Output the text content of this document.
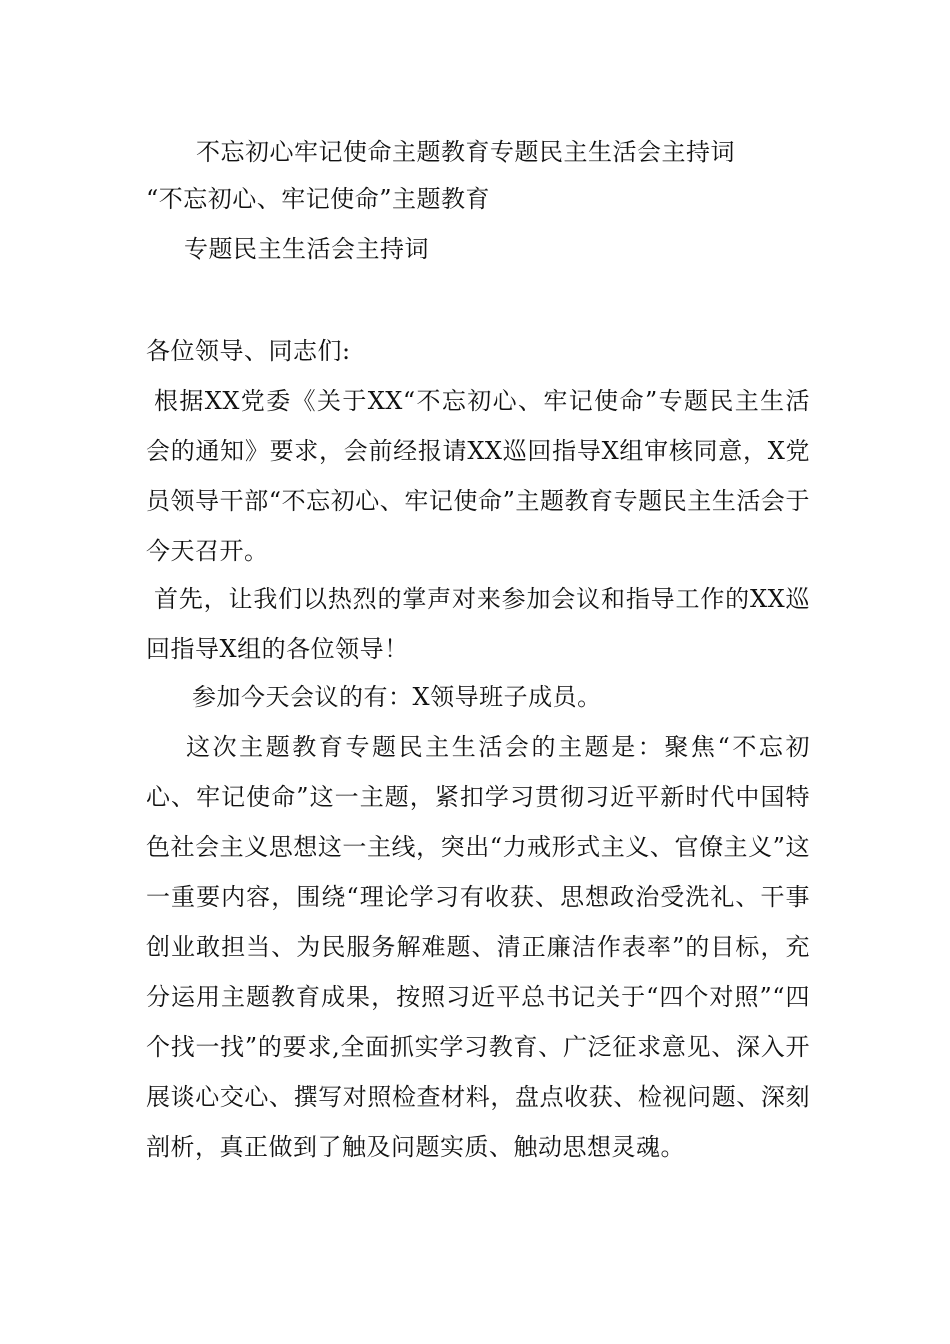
不忘初心牢记使命主题教育专题民主生活会主持词
“不忘初心、牢记使命”主题教育
专题民主生活会主持词
各位领导、同志们:
根据XX党委《关于XX“不忘初心、牢记使命”专题民主生活会的通知》要求，会前经报请XX巡回指导X组审核同意，X党员领导干部“不忘初心、牢记使命”主题教育专题民主生活会于今天召开。
首先，让我们以热烈的掌声对来参加会议和指导工作的XX巡回指导X组的各位领导！
参加今天会议的有：X领导班子成员。
这次主题教育专题民主生活会的主题是：聚焦“不忘初心、牢记使命”这一主题，紧扣学习贯彻习近平新时代中国特色社会主义思想这一主线，突出“力戒形式主义、官僚主义”这一重要内容，围绕“理论学习有收获、思想政治受洗礼、干事创业敢担当、为民服务解难题、清正廉洁作表率”的目标，充分运用主题教育成果，按照习近平总书记关于“四个对照”“四个找一找”的要求,全面抓实学习教育、广泛征求意见、深入开展谈心交心、撰写对照检查材料，盘点收获、检视问题、深刻剖析，真正做到了触及问题实质、触动思想灵魂。
